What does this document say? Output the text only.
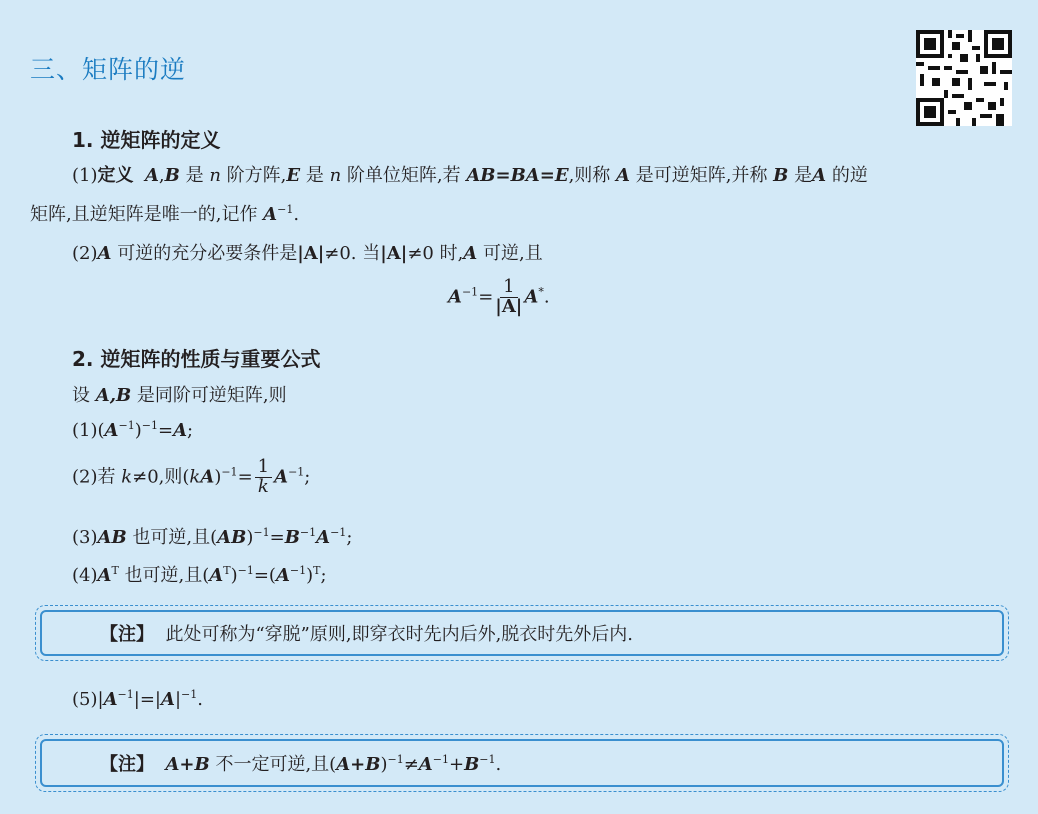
三、矩阵的逆
1. 逆矩阵的定义
(1)定义 A,B 是 n 阶方阵,E 是 n 阶单位矩阵,若 AB=BA=E,则称 A 是可逆矩阵,并称 B 是A 的逆
矩阵,且逆矩阵是唯一的,记作 $A^{-1}$.
(2)A 可逆的充分必要条件是|A|≠0. 当|A|≠0 时,A 可逆,且
$A^{-1}= \frac{1}{|A|} A^*$.
2. 逆矩阵的性质与重要公式
设 A,B 是同阶可逆矩阵,则
$(1)(A^{-1})^{-1}=A$;
(2)若 k≠0,则$(kA)^{-1}= \frac{1}{k} A^{-1}$;
(3)AB 也可逆,且$(AB)^{-1}=B^{-1}A^{-1}$;
$(4)A^T$ 也可逆,且$(A^T)^{-1}=(A^{-1})^T$;
【注】 此处可称为“穿脱”原则,即穿衣时先内后外,脱衣时先外后内.
$(5)|A^{-1}|=|A|^{-1}$.
【注】 A+B 不一定可逆,且$(A+B)^{-1}\ne A^{-1}+B^{-1}$.
